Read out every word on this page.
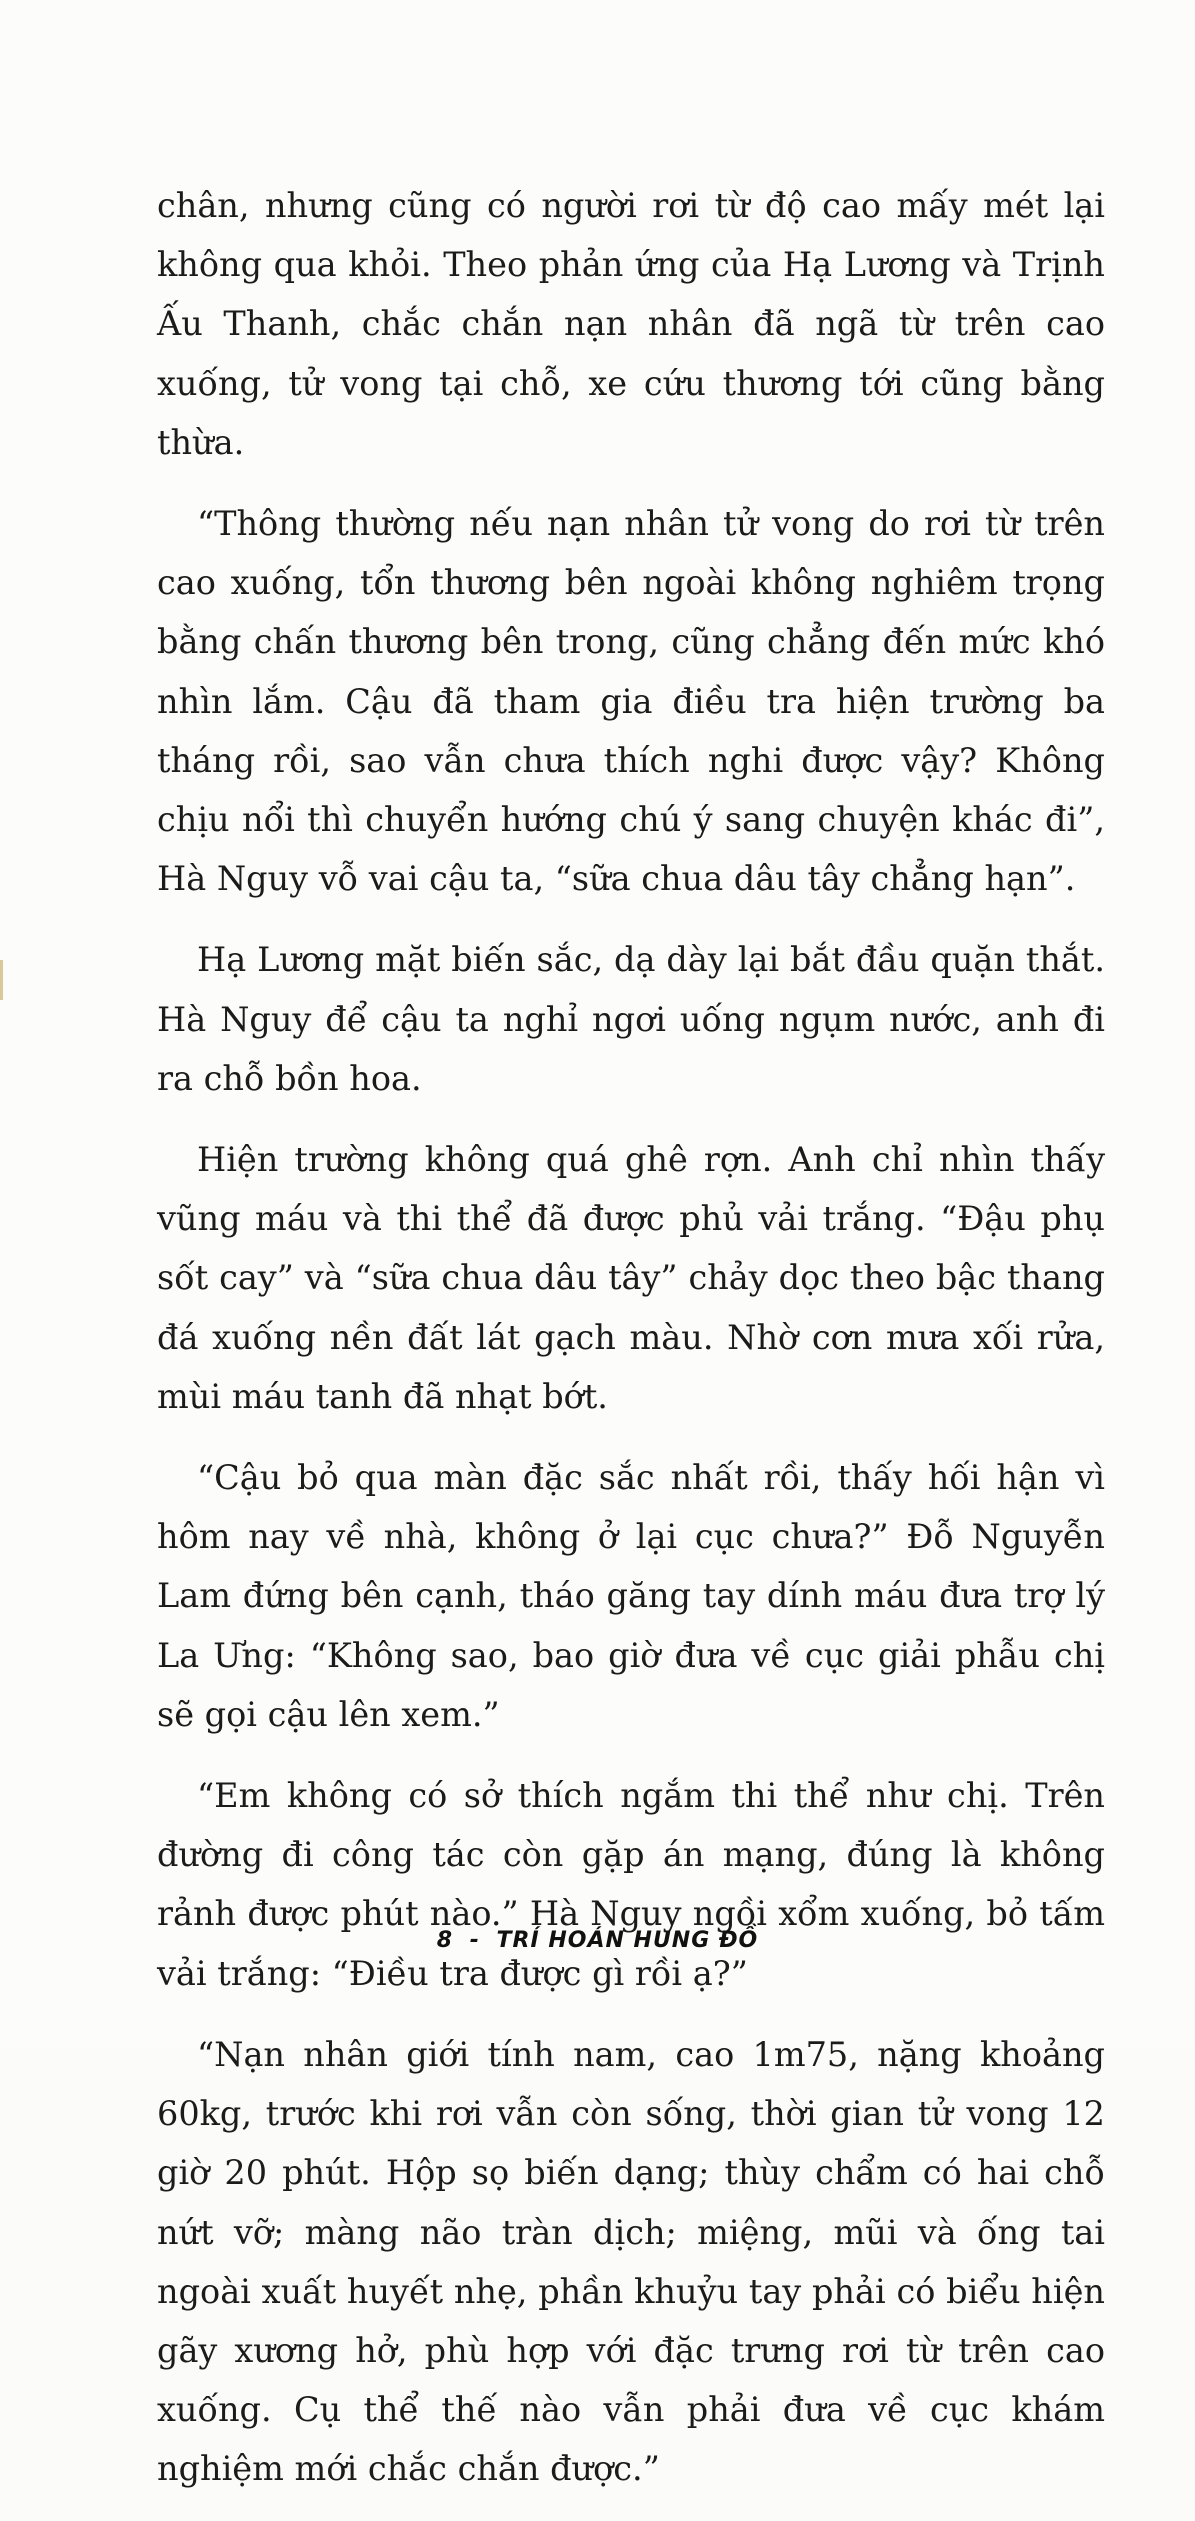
chân, nhưng cũng có người rơi từ độ cao mấy mét lại không qua khỏi. Theo phản ứng của Hạ Lương và Trịnh Ấu Thanh, chắc chắn nạn nhân đã ngã từ trên cao xuống, tử vong tại chỗ, xe cứu thương tới cũng bằng thừa.

“Thông thường nếu nạn nhân tử vong do rơi từ trên cao xuống, tổn thương bên ngoài không nghiêm trọng bằng chấn thương bên trong, cũng chẳng đến mức khó nhìn lắm. Cậu đã tham gia điều tra hiện trường ba tháng rồi, sao vẫn chưa thích nghi được vậy? Không chịu nổi thì chuyển hướng chú ý sang chuyện khác đi”, Hà Nguy vỗ vai cậu ta, “sữa chua dâu tây chẳng hạn”.

Hạ Lương mặt biến sắc, dạ dày lại bắt đầu quặn thắt. Hà Nguy để cậu ta nghỉ ngơi uống ngụm nước, anh đi ra chỗ bồn hoa.

Hiện trường không quá ghê rợn. Anh chỉ nhìn thấy vũng máu và thi thể đã được phủ vải trắng. “Đậu phụ sốt cay” và “sữa chua dâu tây” chảy dọc theo bậc thang đá xuống nền đất lát gạch màu. Nhờ cơn mưa xối rửa, mùi máu tanh đã nhạt bớt.

“Cậu bỏ qua màn đặc sắc nhất rồi, thấy hối hận vì hôm nay về nhà, không ở lại cục chưa?” Đỗ Nguyễn Lam đứng bên cạnh, tháo găng tay dính máu đưa trợ lý La Ưng: “Không sao, bao giờ đưa về cục giải phẫu chị sẽ gọi cậu lên xem.”

“Em không có sở thích ngắm thi thể như chị. Trên đường đi công tác còn gặp án mạng, đúng là không rảnh được phút nào.” Hà Nguy ngồi xổm xuống, bỏ tấm vải trắng: “Điều tra được gì rồi ạ?”

“Nạn nhân giới tính nam, cao 1m75, nặng khoảng 60kg, trước khi rơi vẫn còn sống, thời gian tử vong 12 giờ 20 phút. Hộp sọ biến dạng; thùy chẩm có hai chỗ nứt vỡ; màng não tràn dịch; miệng, mũi và ống tai ngoài xuất huyết nhẹ, phần khuỷu tay phải có biểu hiện gãy xương hở, phù hợp với đặc trưng rơi từ trên cao xuống. Cụ thể thế nào vẫn phải đưa về cục khám nghiệm mới chắc chắn được.”

8 - TRÍ HOÁN HUNG ĐỒ
